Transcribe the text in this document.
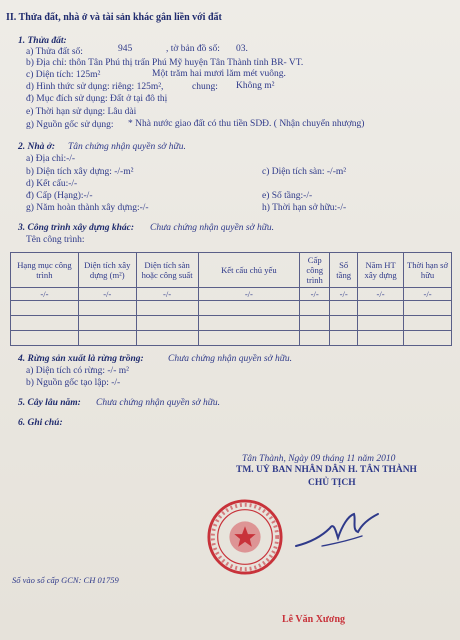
II. Thửa đất, nhà ở và tài sản khác gắn liền với đất
1. Thửa đất:
a) Thửa đất số:	945	, tờ bản đồ số: 03.
b) Địa chỉ: thôn Tân Phú thị trấn Phú Mỹ huyện Tân Thành tỉnh BR- VT.
c) Diện tích: 125m²	Một trăm hai mươi lăm mét vuông.
d) Hình thức sử dụng: riêng: 125m²,	chung: Không m²
đ) Mục đích sử dụng: Đất ở tại đô thị
e) Thời hạn sử dụng: Lâu dài
g) Nguồn gốc sử dụng: * Nhà nước giao đất có thu tiền SDĐ. ( Nhận chuyển nhượng)
2. Nhà ở: Tân chứng nhận quyền sở hữu.
a) Địa chỉ:-/-
b) Diện tích xây dựng: -/-m²	c) Diện tích sàn: -/-m²
d) Kết cấu:-/-
đ) Cấp (Hạng):-/-	e) Số tầng:-/-
g) Năm hoàn thành xây dựng:-/-	h) Thời hạn sở hữu:-/-
3. Công trình xây dựng khác: Chưa chứng nhận quyền sở hữu.
Tên công trình:
Hạng mục công trình	Diện tích xây dựng (m²)	Diện tích sàn hoặc công suất	Kết cấu chủ yếu	Cấp công trình	Số tầng	Năm HT xây dựng	Thời hạn sở hữu
-/-	-/-	-/-	-/-	-/-	-/-	-/-	-/-

4. Rừng sản xuất là rừng trồng:	Chưa chứng nhận quyền sở hữu.
a) Diện tích có rừng: -/- m²
b) Nguồn gốc tạo lập: -/-
5. Cây lâu năm: Chưa chứng nhận quyền sở hữu.
6. Ghi chú:
Tân Thành, Ngày 09 tháng 11 năm 2010
TM. UỶ BAN NHÂN DÂN H. TÂN THÀNH
CHỦ TỊCH
Lê Văn Xương
Số vào sổ cấp GCN: CH 01759
